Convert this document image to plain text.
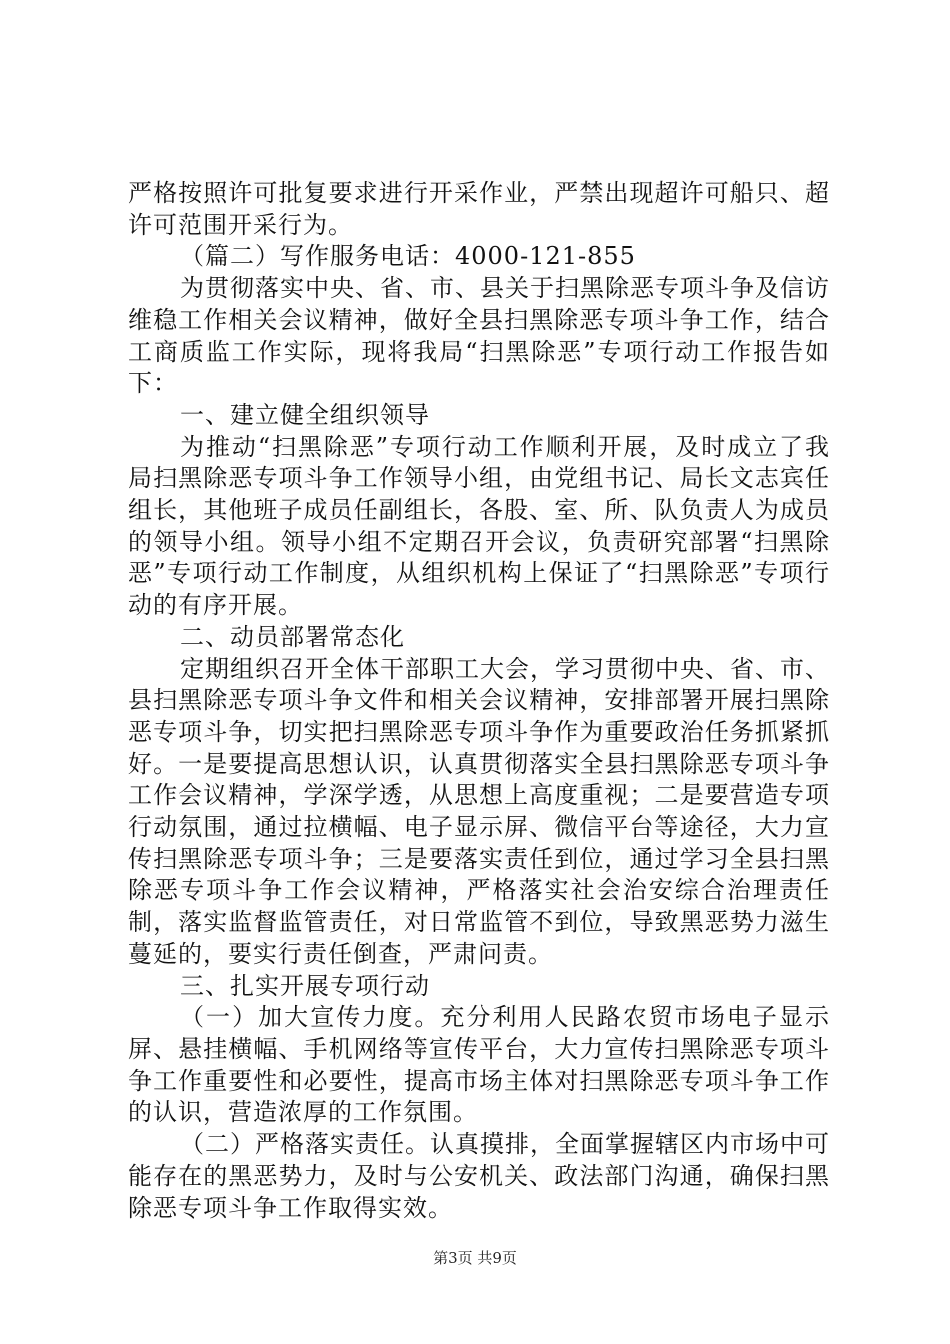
严格按照许可批复要求进行开采作业，严禁出现超许可船只、超许可范围开采行为。

（篇二）写作服务电话：4000-121-855

为贯彻落实中央、省、市、县关于扫黑除恶专项斗争及信访维稳工作相关会议精神，做好全县扫黑除恶专项斗争工作，结合工商质监工作实际，现将我局“扫黑除恶”专项行动工作报告如下：

一、建立健全组织领导

为推动“扫黑除恶”专项行动工作顺利开展，及时成立了我局扫黑除恶专项斗争工作领导小组，由党组书记、局长文志宾任组长，其他班子成员任副组长，各股、室、所、队负责人为成员的领导小组。领导小组不定期召开会议，负责研究部署“扫黑除恶”专项行动工作制度，从组织机构上保证了“扫黑除恶”专项行动的有序开展。

二、动员部署常态化

定期组织召开全体干部职工大会，学习贯彻中央、省、市、县扫黑除恶专项斗争文件和相关会议精神，安排部署开展扫黑除恶专项斗争，切实把扫黑除恶专项斗争作为重要政治任务抓紧抓好。一是要提高思想认识，认真贯彻落实全县扫黑除恶专项斗争工作会议精神，学深学透，从思想上高度重视；二是要营造专项行动氛围，通过拉横幅、电子显示屏、微信平台等途径，大力宣传扫黑除恶专项斗争；三是要落实责任到位，通过学习全县扫黑除恶专项斗争工作会议精神，严格落实社会治安综合治理责任制，落实监督监管责任，对日常监管不到位，导致黑恶势力滋生蔓延的，要实行责任倒查，严肃问责。

三、扎实开展专项行动

（一）加大宣传力度。充分利用人民路农贸市场电子显示屏、悬挂横幅、手机网络等宣传平台，大力宣传扫黑除恶专项斗争工作重要性和必要性，提高市场主体对扫黑除恶专项斗争工作的认识，营造浓厚的工作氛围。

（二）严格落实责任。认真摸排，全面掌握辖区内市场中可能存在的黑恶势力，及时与公安机关、政法部门沟通，确保扫黑除恶专项斗争工作取得实效。

第3页 共9页
